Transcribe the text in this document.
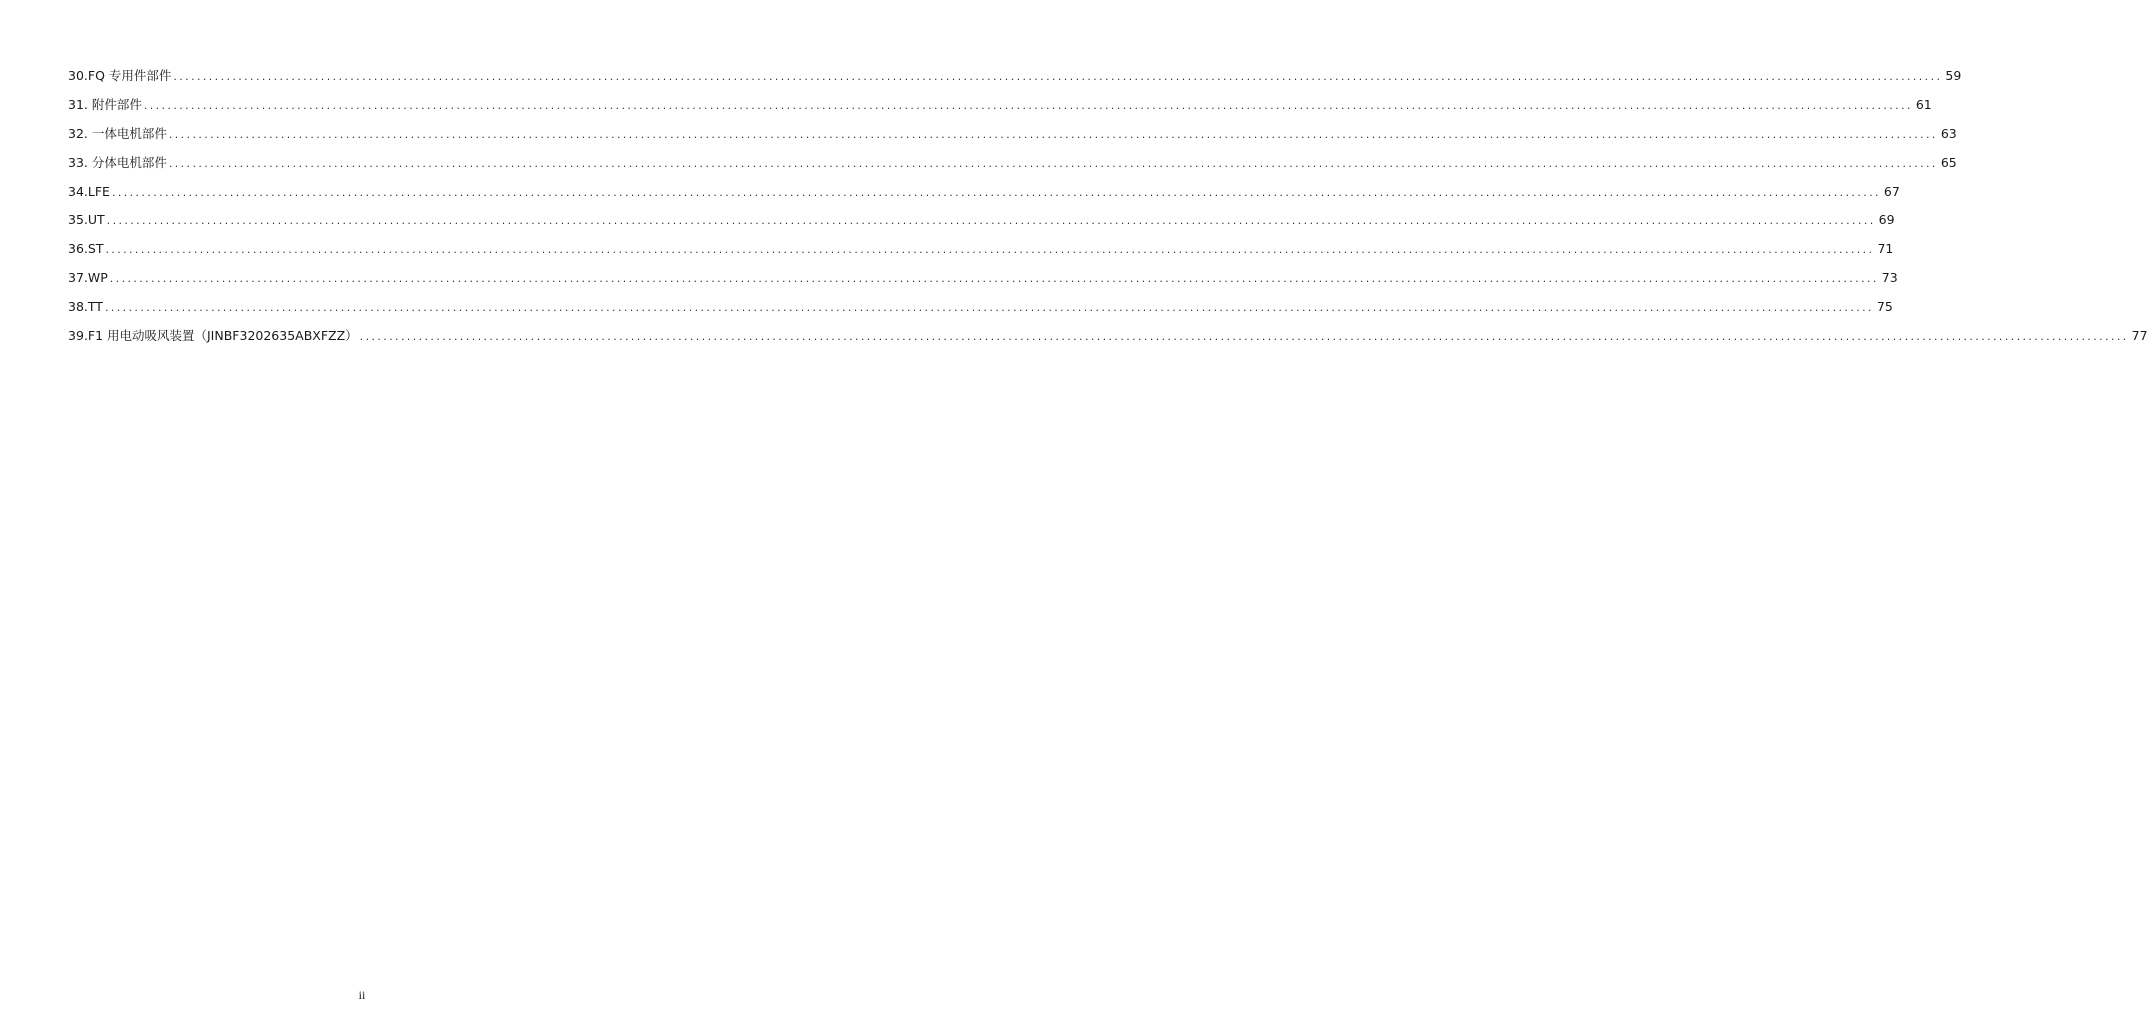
30.FQ 专用件部件 ............................................................................................................................................................................................................................................................................................................ 59
31. 附件部件 ............................................................................................................................................................................................................................................................................................................ 61
32. 一体电机部件 ............................................................................................................................................................................................................................................................................................................ 63
33. 分体电机部件 ............................................................................................................................................................................................................................................................................................................ 65
34.LFE ............................................................................................................................................................................................................................................................................................................ 67
35.UT ............................................................................................................................................................................................................................................................................................................ 69
36.ST ............................................................................................................................................................................................................................................................................................................ 71
37.WP ............................................................................................................................................................................................................................................................................................................ 73
38.TT ............................................................................................................................................................................................................................................................................................................ 75
39.F1 用电动吸风装置（JINBF3202635ABXFZZ） ............................................................................................................................................................................................................................................................................................................ 77
ii
